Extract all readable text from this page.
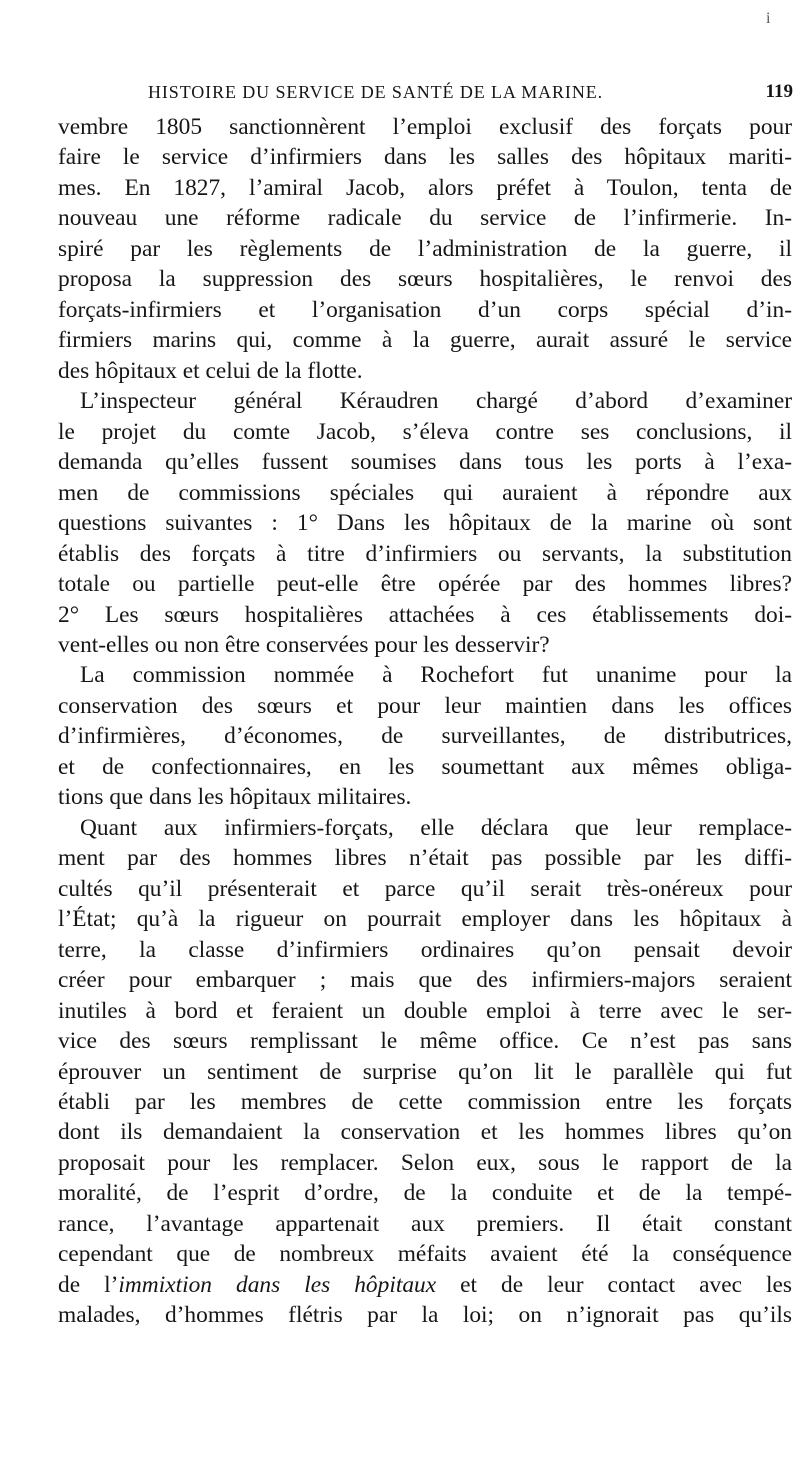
i
HISTOIRE DU SERVICE DE SANTÉ DE LA MARINE.	119
vembre 1805 sanctionnèrent l’emploi exclusif des forçats pour
faire le service d’infirmiers dans les salles des hôpitaux mariti-
mes. En 1827, l’amiral Jacob, alors préfet à Toulon, tenta de
nouveau une réforme radicale du service de l’infirmerie. In-
spiré par les règlements de l’administration de la guerre, il
proposa la suppression des sœurs hospitalières, le renvoi des
forçats-infirmiers et l’organisation d’un corps spécial d’in-
firmiers marins qui, comme à la guerre, aurait assuré le service
des hôpitaux et celui de la flotte.
L’inspecteur général Kéraudren chargé d’abord d’examiner
le projet du comte Jacob, s’éleva contre ses conclusions, il
demanda qu’elles fussent soumises dans tous les ports à l’exa-
men de commissions spéciales qui auraient à répondre aux
questions suivantes : 1° Dans les hôpitaux de la marine où sont
établis des forçats à titre d’infirmiers ou servants, la substitution
totale ou partielle peut-elle être opérée par des hommes libres?
2° Les sœurs hospitalières attachées à ces établissements doi-
vent-elles ou non être conservées pour les desservir?
La commission nommée à Rochefort fut unanime pour la
conservation des sœurs et pour leur maintien dans les offices
d’infirmières, d’économes, de surveillantes, de distributrices,
et de confectionnaires, en les soumettant aux mêmes obliga-
tions que dans les hôpitaux militaires.
Quant aux infirmiers-forçats, elle déclara que leur remplace-
ment par des hommes libres n’était pas possible par les diffi-
cultés qu’il présenterait et parce qu’il serait très-onéreux pour
l’État; qu’à la rigueur on pourrait employer dans les hôpitaux à
terre, la classe d’infirmiers ordinaires qu’on pensait devoir
créer pour embarquer ; mais que des infirmiers-majors seraient
inutiles à bord et feraient un double emploi à terre avec le ser-
vice des sœurs remplissant le même office. Ce n’est pas sans
éprouver un sentiment de surprise qu’on lit le parallèle qui fut
établi par les membres de cette commission entre les forçats
dont ils demandaient la conservation et les hommes libres qu’on
proposait pour les remplacer. Selon eux, sous le rapport de la
moralité, de l’esprit d’ordre, de la conduite et de la tempé-
rance, l’avantage appartenait aux premiers. Il était constant
cependant que de nombreux méfaits avaient été la conséquence
de l’immixtion dans les hôpitaux et de leur contact avec les
malades, d’hommes flétris par la loi; on n’ignorait pas qu’ils
